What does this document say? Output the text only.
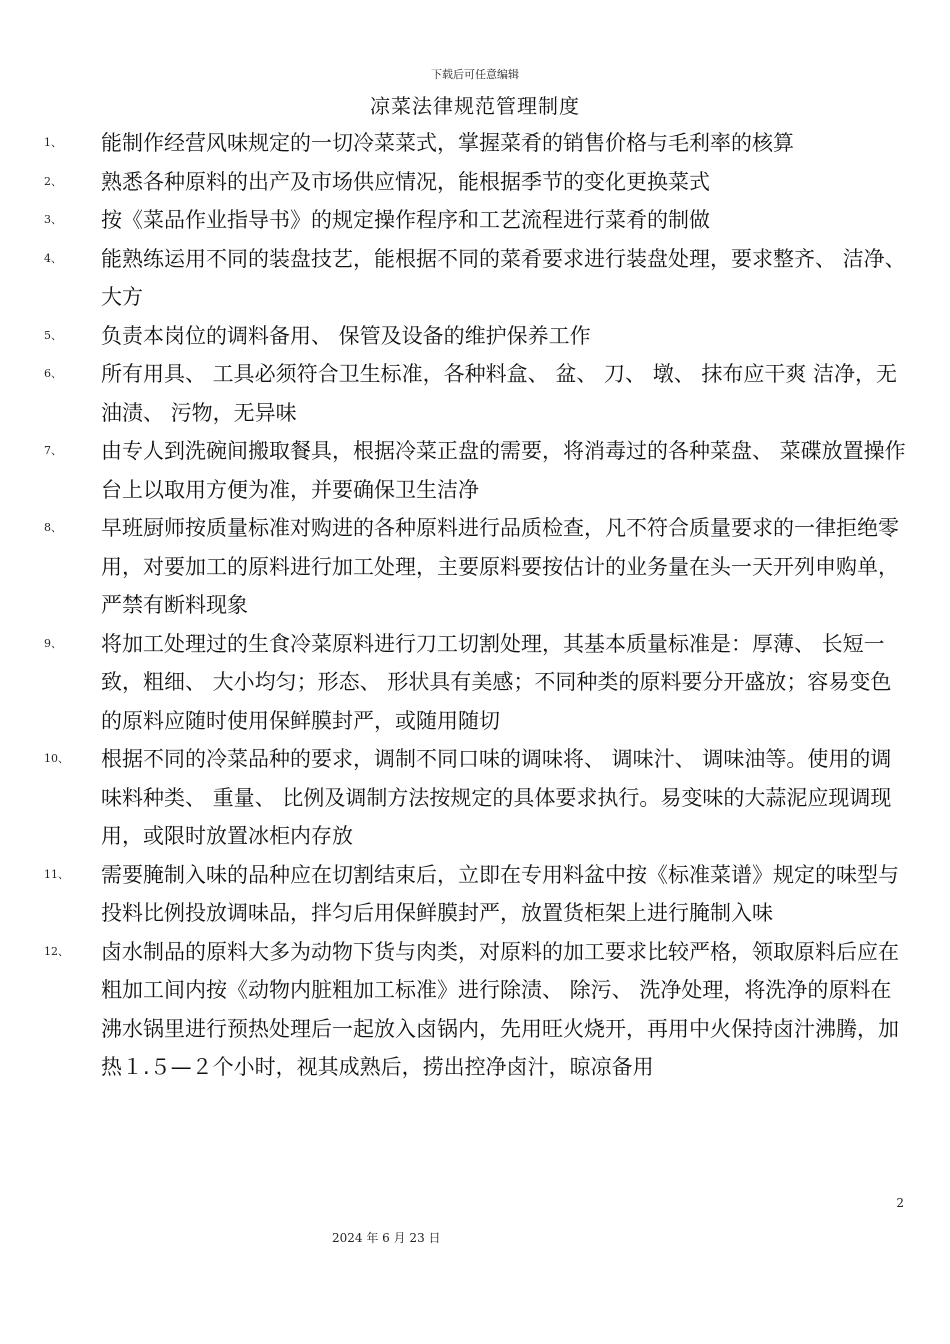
下载后可任意编辑
凉菜法律规范管理制度
1、 能制作经营风味规定的一切冷菜菜式，掌握菜肴的销售价格与毛利率的核算
2、 熟悉各种原料的出产及市场供应情况，能根据季节的变化更换菜式
3、 按《菜品作业指导书》的规定操作程序和工艺流程进行菜肴的制做
4、 能熟练运用不同的装盘技艺，能根据不同的菜肴要求进行装盘处理，要求整齐、 洁净、 大方
5、 负责本岗位的调料备用、 保管及设备的维护保养工作
6、 所有用具、 工具必须符合卫生标准，各种料盒、 盆、 刀、 墩、 抹布应干爽 洁净，无油渍、 污物，无异味
7、 由专人到洗碗间搬取餐具，根据冷菜正盘的需要，将消毒过的各种菜盘、 菜碟放置操作台上以取用方便为准，并要确保卫生洁净
8、 早班厨师按质量标准对购进的各种原料进行品质检查，凡不符合质量要求的一律拒绝零用，对要加工的原料进行加工处理，主要原料要按估计的业务量在头一天开列申购单，严禁有断料现象
9、 将加工处理过的生食冷菜原料进行刀工切割处理，其基本质量标准是：厚薄、 长短一致，粗细、 大小均匀；形态、 形状具有美感；不同种类的原料要分开盛放；容易变色的原料应随时使用保鲜膜封严，或随用随切
10、 根据不同的冷菜品种的要求，调制不同口味的调味将、 调味汁、 调味油等。使用的调味料种类、 重量、 比例及调制方法按规定的具体要求执行。易变味的大蒜泥应现调现用，或限时放置冰柜内存放
11、 需要腌制入味的品种应在切割结束后，立即在专用料盆中按《标准菜谱》规定的味型与投料比例投放调味品，拌匀后用保鲜膜封严，放置货柜架上进行腌制入味
12、 卤水制品的原料大多为动物下货与肉类，对原料的加工要求比较严格，领取原料后应在粗加工间内按《动物内脏粗加工标准》进行除渍、 除污、 洗净处理，将洗净的原料在沸水锅里进行预热处理后一起放入卤锅内，先用旺火烧开，再用中火保持卤汁沸腾，加热１.５—２个小时，视其成熟后，捞出控净卤汁，晾凉备用
2
2024 年 6 月 23 日
